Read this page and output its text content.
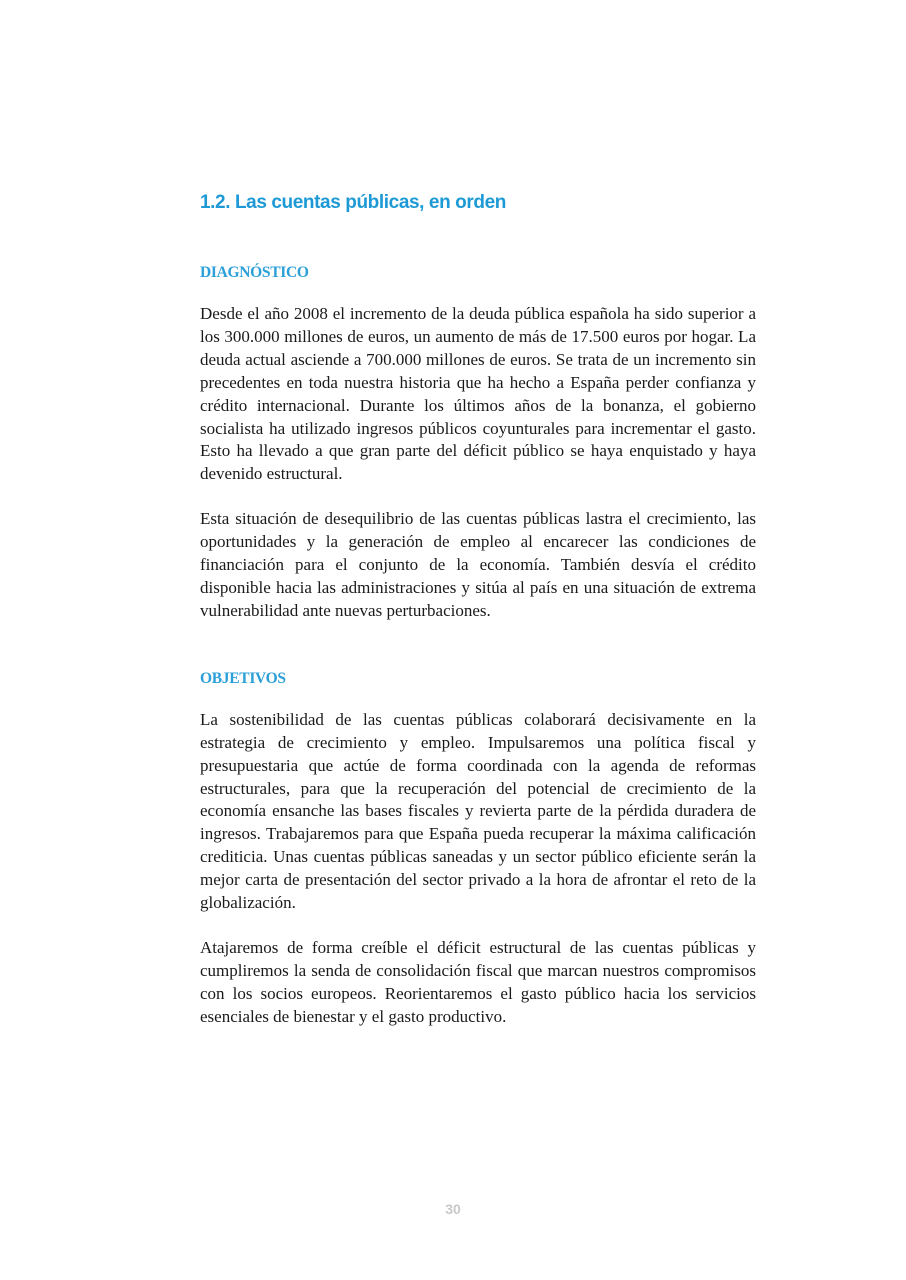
1.2. Las cuentas públicas, en orden
DIAGNÓSTICO

Desde el año 2008 el incremento de la deuda pública española ha sido superior a los 300.000 millones de euros, un aumento de más de 17.500 euros por hogar. La deuda actual asciende a 700.000 millones de euros. Se trata de un incremento sin precedentes en toda nuestra historia que ha hecho a España perder confianza y crédito internacional. Durante los últimos años de la bonanza, el gobierno socialista ha utilizado ingresos públicos coyunturales para incrementar el gasto. Esto ha llevado a que gran parte del déficit público se haya enquistado y haya devenido estructural.

Esta situación de desequilibrio de las cuentas públicas lastra el crecimiento, las oportunidades y la generación de empleo al encarecer las condiciones de financiación para el conjunto de la economía. También desvía el crédito disponible hacia las administraciones y sitúa al país en una situación de extrema vulnerabilidad ante nuevas perturbaciones.

OBJETIVOS

La sostenibilidad de las cuentas públicas colaborará decisivamente en la estrategia de crecimiento y empleo. Impulsaremos una política fiscal y presupuestaria que actúe de forma coordinada con la agenda de reformas estructurales, para que la recuperación del potencial de crecimiento de la economía ensanche las bases fiscales y revierta parte de la pérdida duradera de ingresos. Trabajaremos para que España pueda recuperar la máxima calificación crediticia. Unas cuentas públicas saneadas y un sector público eficiente serán la mejor carta de presentación del sector privado a la hora de afrontar el reto de la globalización.

Atajaremos de forma creíble el déficit estructural de las cuentas públicas y cumpliremos la senda de consolidación fiscal que marcan nuestros compromisos con los socios europeos. Reorientaremos el gasto público hacia los servicios esenciales de bienestar y el gasto productivo.

30
